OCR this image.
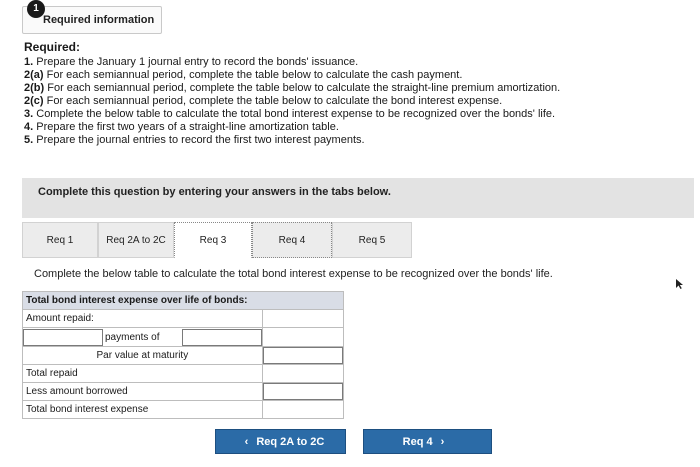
1
Required information
Required:
1. Prepare the January 1 journal entry to record the bonds' issuance.
2(a) For each semiannual period, complete the table below to calculate the cash payment.
2(b) For each semiannual period, complete the table below to calculate the straight-line premium amortization.
2(c) For each semiannual period, complete the table below to calculate the bond interest expense.
3. Complete the below table to calculate the total bond interest expense to be recognized over the bonds' life.
4. Prepare the first two years of a straight-line amortization table.
5. Prepare the journal entries to record the first two interest payments.
Complete this question by entering your answers in the tabs below.
Req 1	Req 2A to 2C	Req 3	Req 4	Req 5
Complete the below table to calculate the total bond interest expense to be recognized over the bonds' life.
Total bond interest expense over life of bonds:	
Amount repaid:	

payments of	

Par value at maturity	
Total repaid	
Less amount borrowed	
Total bond interest expense	
‹ Req 2A to 2C	Req 4 ›
